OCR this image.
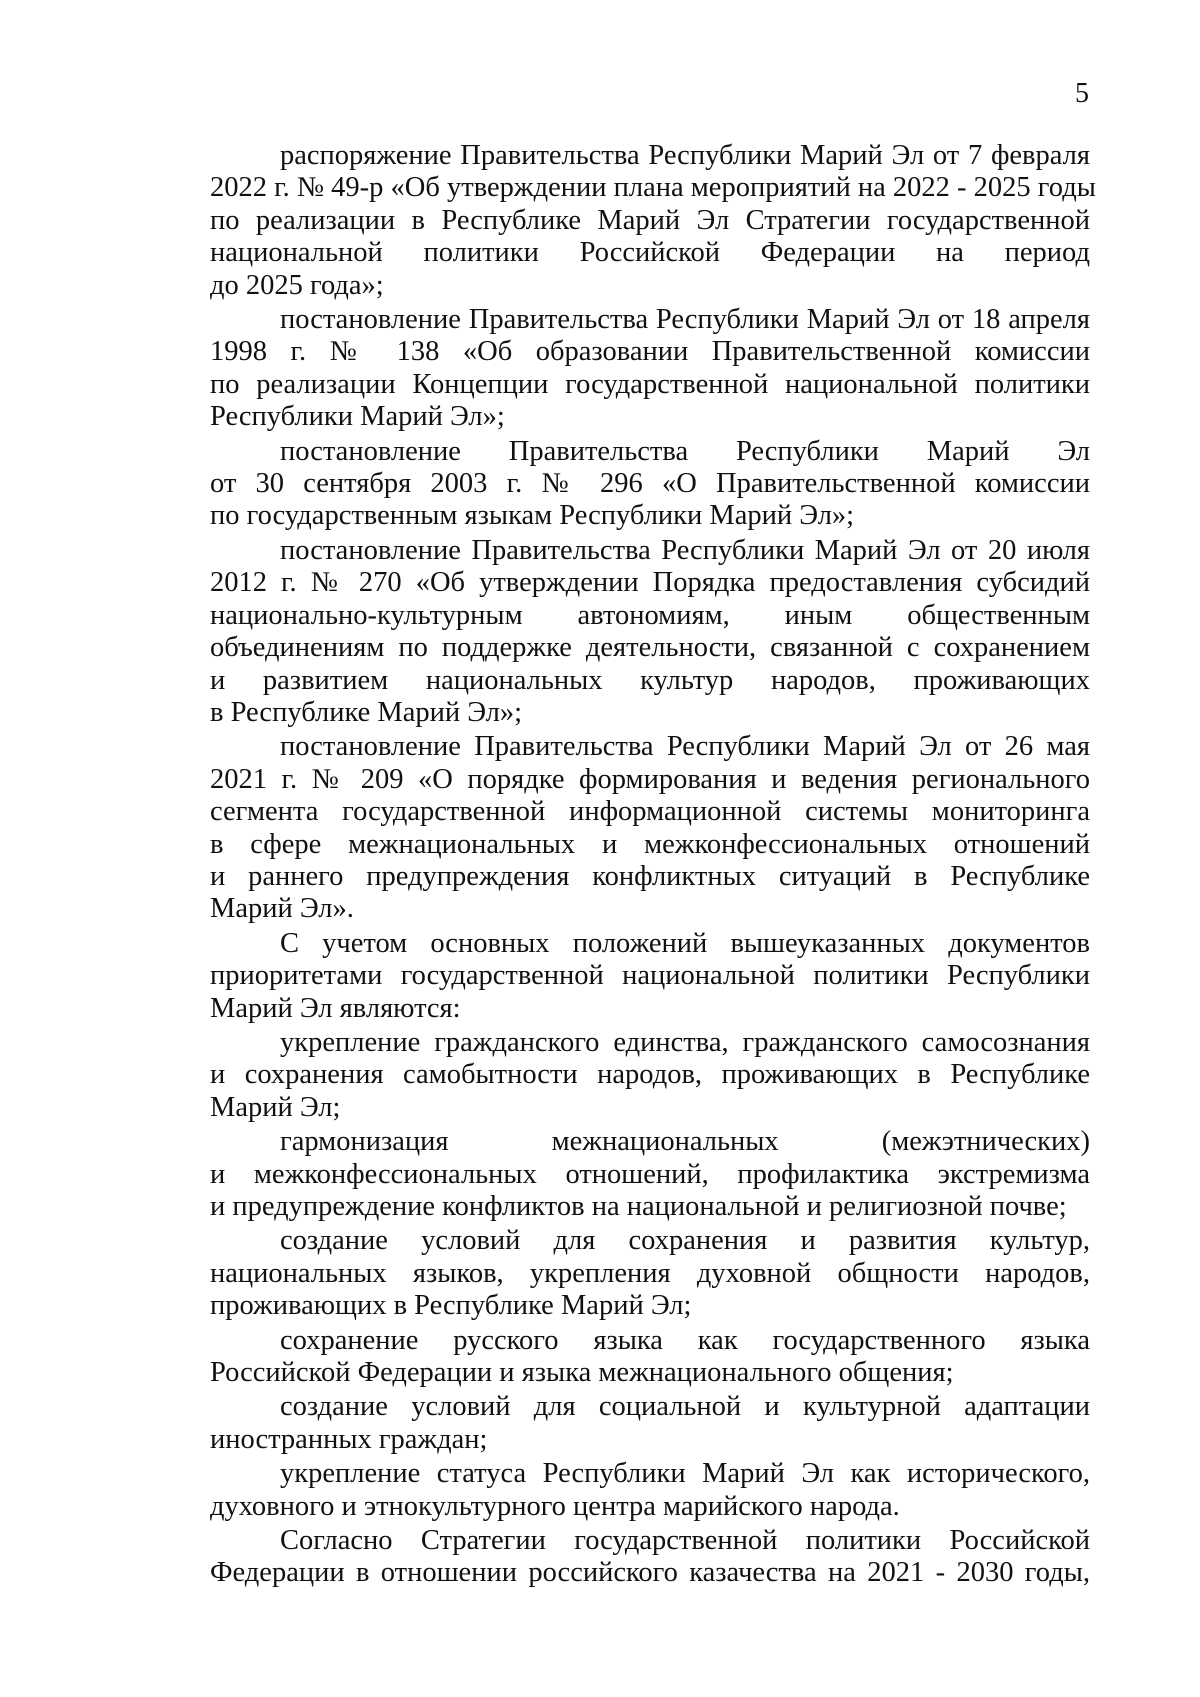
5

распоряжение Правительства Республики Марий Эл от 7 февраля
2022 г. № 49-р «Об утверждении плана мероприятий на 2022 - 2025 годы
по реализации в Республике Марий Эл Стратегии государственной
национальной политики Российской Федерации на период
до 2025 года»;

постановление Правительства Республики Марий Эл от 18 апреля
1998 г. № 138 «Об образовании Правительственной комиссии
по реализации Концепции государственной национальной политики
Республики Марий Эл»;

постановление Правительства Республики Марий Эл
от 30 сентября 2003 г. № 296 «О Правительственной комиссии
по государственным языкам Республики Марий Эл»;

постановление Правительства Республики Марий Эл от 20 июля
2012 г. № 270 «Об утверждении Порядка предоставления субсидий
национально-культурным автономиям, иным общественным
объединениям по поддержке деятельности, связанной с сохранением
и развитием национальных культур народов, проживающих
в Республике Марий Эл»;

постановление Правительства Республики Марий Эл от 26 мая
2021 г. № 209 «О порядке формирования и ведения регионального
сегмента государственной информационной системы мониторинга
в сфере межнациональных и межконфессиональных отношений
и раннего предупреждения конфликтных ситуаций в Республике
Марий Эл».

С учетом основных положений вышеуказанных документов
приоритетами государственной национальной политики Республики
Марий Эл являются:

укрепление гражданского единства, гражданского самосознания
и сохранения самобытности народов, проживающих в Республике
Марий Эл;

гармонизация межнациональных (межэтнических)
и межконфессиональных отношений, профилактика экстремизма
и предупреждение конфликтов на национальной и религиозной почве;

создание условий для сохранения и развития культур,
национальных языков, укрепления духовной общности народов,
проживающих в Республике Марий Эл;

сохранение русского языка как государственного языка
Российской Федерации и языка межнационального общения;

создание условий для социальной и культурной адаптации
иностранных граждан;

укрепление статуса Республики Марий Эл как исторического,
духовного и этнокультурного центра марийского народа.

Согласно Стратегии государственной политики Российской
Федерации в отношении российского казачества на 2021 - 2030 годы,
